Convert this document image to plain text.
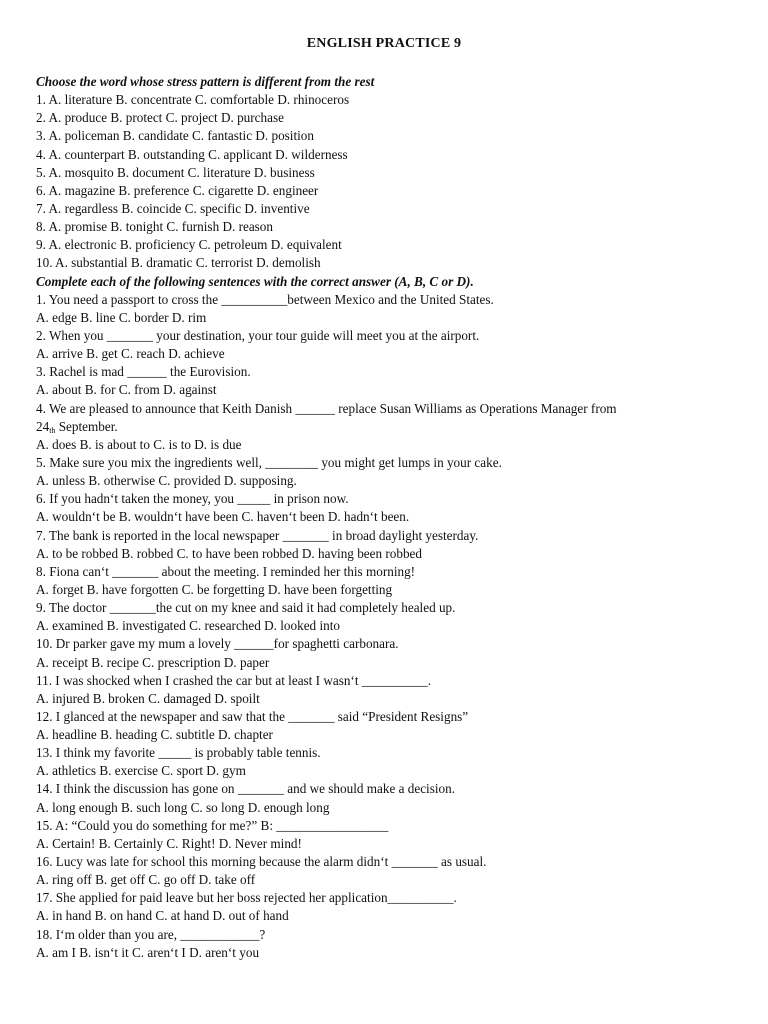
ENGLISH PRACTICE 9
Choose the word whose stress pattern is different from the rest
1. A. literature B. concentrate C. comfortable D. rhinoceros
2. A. produce B. protect C. project D. purchase
3. A. policeman B. candidate C. fantastic D. position
4. A. counterpart B. outstanding C. applicant D. wilderness
5. A. mosquito B. document C. literature D. business
6. A. magazine B. preference C. cigarette D. engineer
7. A. regardless B. coincide C. specific D. inventive
8. A. promise B. tonight C. furnish D. reason
9. A. electronic B. proficiency C. petroleum D. equivalent
10. A. substantial B. dramatic C. terrorist D. demolish
Complete each of the following sentences with the correct answer (A, B, C or D).
1. You need a passport to cross the __________between Mexico and the United States.
A. edge B. line C. border D. rim
2. When you _______ your destination, your tour guide will meet you at the airport.
A. arrive B. get C. reach D. achieve
3. Rachel is mad ______ the Eurovision.
A. about B. for C. from D. against
4. We are pleased to announce that Keith Danish ______ replace Susan Williams as Operations Manager from
24th September.
A. does B. is about to C. is to D. is due
5. Make sure you mix the ingredients well, ________ you might get lumps in your cake.
A. unless B. otherwise C. provided D. supposing.
6. If you hadn‘t taken the money, you _____ in prison now.
A. wouldn‘t be B. wouldn‘t have been C. haven‘t been D. hadn‘t been.
7. The bank is reported in the local newspaper _______ in broad daylight yesterday.
A. to be robbed B. robbed C. to have been robbed D. having been robbed
8. Fiona can‘t _______ about the meeting. I reminded her this morning!
A. forget B. have forgotten C. be forgetting D. have been forgetting
9. The doctor _______the cut on my knee and said it had completely healed up.
A. examined B. investigated C. researched D. looked into
10. Dr parker gave my mum a lovely ______for spaghetti carbonara.
A. receipt B. recipe C. prescription D. paper
11. I was shocked when I crashed the car but at least I wasn‘t __________.
A. injured B. broken C. damaged D. spoilt
12. I glanced at the newspaper and saw that the _______ said “President Resigns”
A. headline B. heading C. subtitle D. chapter
13. I think my favorite _____ is probably table tennis.
A. athletics B. exercise C. sport D. gym
14. I think the discussion has gone on _______ and we should make a decision.
A. long enough B. such long C. so long D. enough long
15. A: “Could you do something for me?” B: _________________
A. Certain! B. Certainly C. Right! D. Never mind!
16. Lucy was late for school this morning because the alarm didn‘t _______ as usual.
A. ring off B. get off C. go off D. take off
17. She applied for paid leave but her boss rejected her application__________.
A. in hand B. on hand C. at hand D. out of hand
18. I‘m older than you are, ____________?
A. am I B. isn‘t it C. aren‘t I D. aren‘t you
